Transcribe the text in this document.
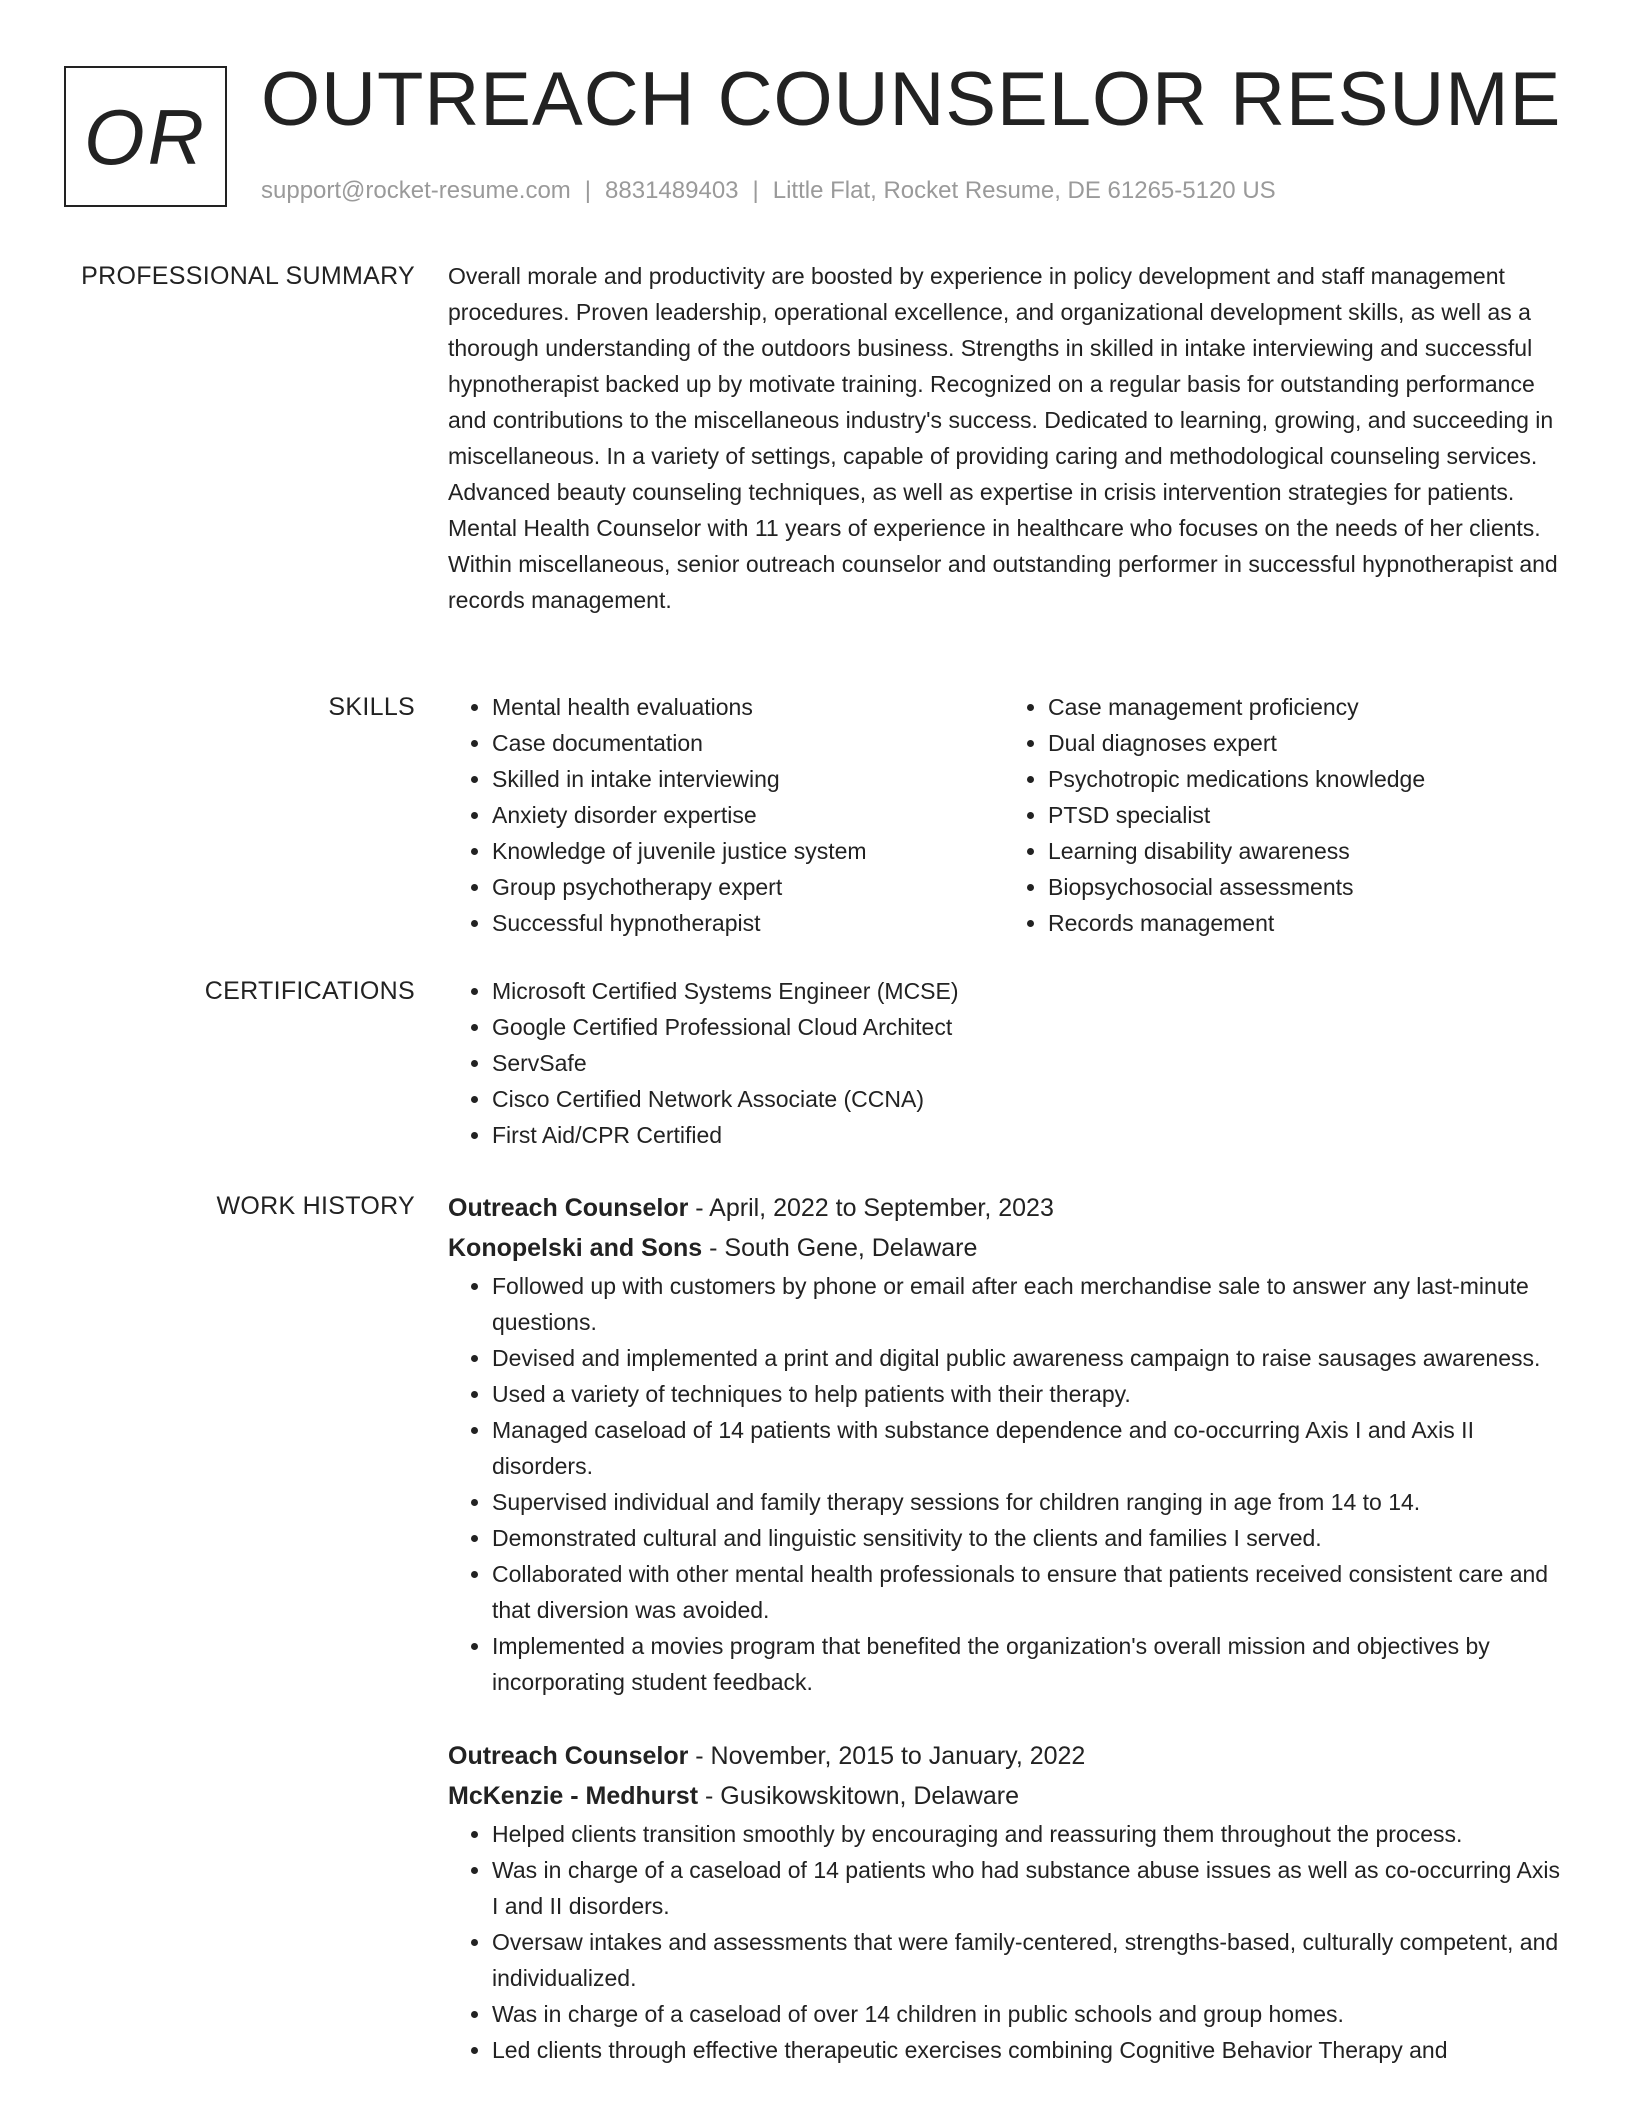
OR OUTREACH COUNSELOR RESUME
support@rocket-resume.com | 8831489403 | Little Flat, Rocket Resume, DE 61265-5120 US
PROFESSIONAL SUMMARY Overall morale and productivity are boosted by experience in policy development and staff management procedures. Proven leadership, operational excellence, and organizational development skills, as well as a thorough understanding of the outdoors business. Strengths in skilled in intake interviewing and successful hypnotherapist backed up by motivate training. Recognized on a regular basis for outstanding performance and contributions to the miscellaneous industry's success. Dedicated to learning, growing, and succeeding in miscellaneous. In a variety of settings, capable of providing caring and methodological counseling services. Advanced beauty counseling techniques, as well as expertise in crisis intervention strategies for patients. Mental Health Counselor with 11 years of experience in healthcare who focuses on the needs of her clients. Within miscellaneous, senior outreach counselor and outstanding performer in successful hypnotherapist and records management.

SKILLS	• Mental health evaluations
• Case documentation
• Skilled in intake interviewing
• Anxiety disorder expertise
• Knowledge of juvenile justice system
• Group psychotherapy expert
• Successful hypnotherapist
• Case management proficiency
• Dual diagnoses expert
• Psychotropic medications knowledge
• PTSD specialist
• Learning disability awareness
• Biopsychosocial assessments
• Records management
CERTIFICATIONS	• Microsoft Certified Systems Engineer (MCSE)
• Google Certified Professional Cloud Architect
• ServSafe
• Cisco Certified Network Associate (CCNA)
• First Aid/CPR Certified
WORK HISTORY Outreach Counselor - April, 2022 to September, 2023
Konopelski and Sons - South Gene, Delaware
• Followed up with customers by phone or email after each merchandise sale to answer any last-minute questions.
• Devised and implemented a print and digital public awareness campaign to raise sausages awareness.
• Used a variety of techniques to help patients with their therapy.
• Managed caseload of 14 patients with substance dependence and co-occurring Axis I and Axis II disorders.
• Supervised individual and family therapy sessions for children ranging in age from 14 to 14.
• Demonstrated cultural and linguistic sensitivity to the clients and families I served.
• Collaborated with other mental health professionals to ensure that patients received consistent care and that diversion was avoided.
• Implemented a movies program that benefited the organization's overall mission and objectives by incorporating student feedback.
Outreach Counselor - November, 2015 to January, 2022
McKenzie - Medhurst - Gusikowskitown, Delaware
• Helped clients transition smoothly by encouraging and reassuring them throughout the process.
• Was in charge of a caseload of 14 patients who had substance abuse issues as well as co-occurring Axis I and II disorders.
• Oversaw intakes and assessments that were family-centered, strengths-based, culturally competent, and individualized.
• Was in charge of a caseload of over 14 children in public schools and group homes.
• Led clients through effective therapeutic exercises combining Cognitive Behavior Therapy and
